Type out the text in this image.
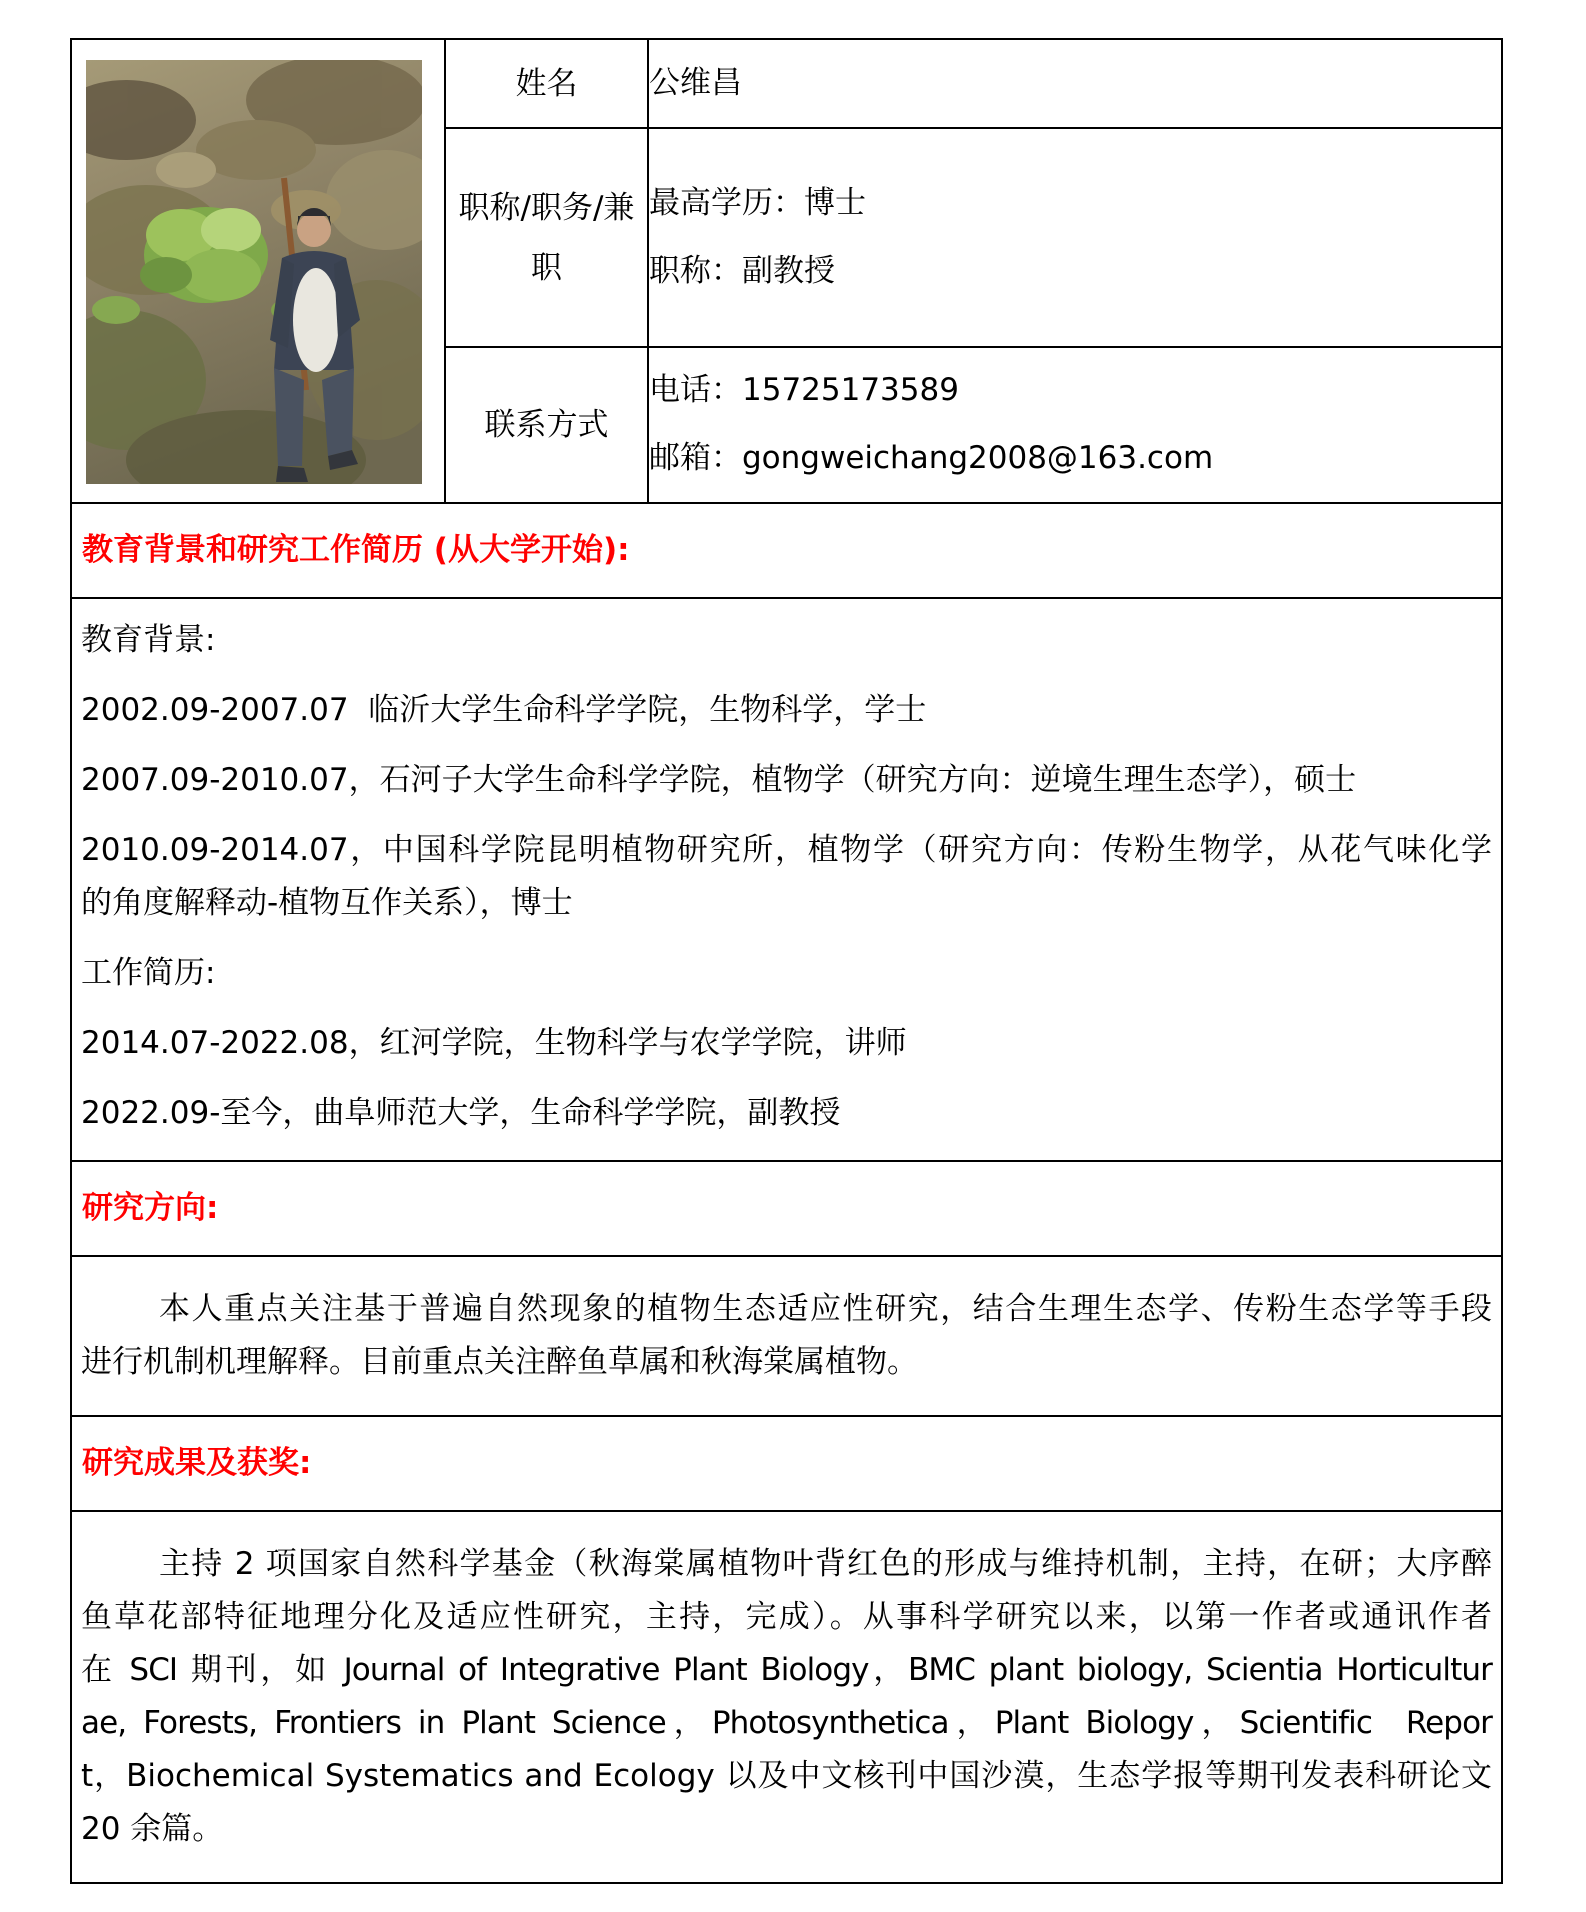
	姓名	公维昌

	职称/职务/兼职	最高学历：博士
职称：副教授

	联系方式	电话：15725173589
邮箱：gongweichang2008@163.com
教育背景和研究工作简历 (从大学开始):
教育背景:
2002.09-2007.07  临沂大学生命科学学院，生物科学，学士
2007.09-2010.07，石河子大学生命科学学院，植物学（研究方向：逆境生理生态学），硕士
2010.09-2014.07，中国科学院昆明植物研究所，植物学（研究方向：传粉生物学，从花气味化学
的角度解释动-植物互作关系），博士
工作简历:
2014.07-2022.08，红河学院，生物科学与农学学院，讲师
2022.09-至今，曲阜师范大学，生命科学学院，副教授
研究方向:
本人重点关注基于普遍自然现象的植物生态适应性研究，结合生理生态学、传粉生态学等手段
进行机制机理解释。目前重点关注醉鱼草属和秋海棠属植物。
研究成果及获奖:
主持 2 项国家自然科学基金（秋海棠属植物叶背红色的形成与维持机制，主持，在研；大序醉
鱼草花部特征地理分化及适应性研究，主持，完成）。从事科学研究以来，以第一作者或通讯作者
在 SCI 期刊，如 Journal of Integrative Plant Biology，BMC plant biology, Scientia Horticultur
ae, Forests, Frontiers in Plant Science，Photosynthetica，Plant Biology，Scientific  Repor
t，Biochemical Systematics and Ecology 以及中文核刊中国沙漠，生态学报等期刊发表科研论文
20 余篇。
